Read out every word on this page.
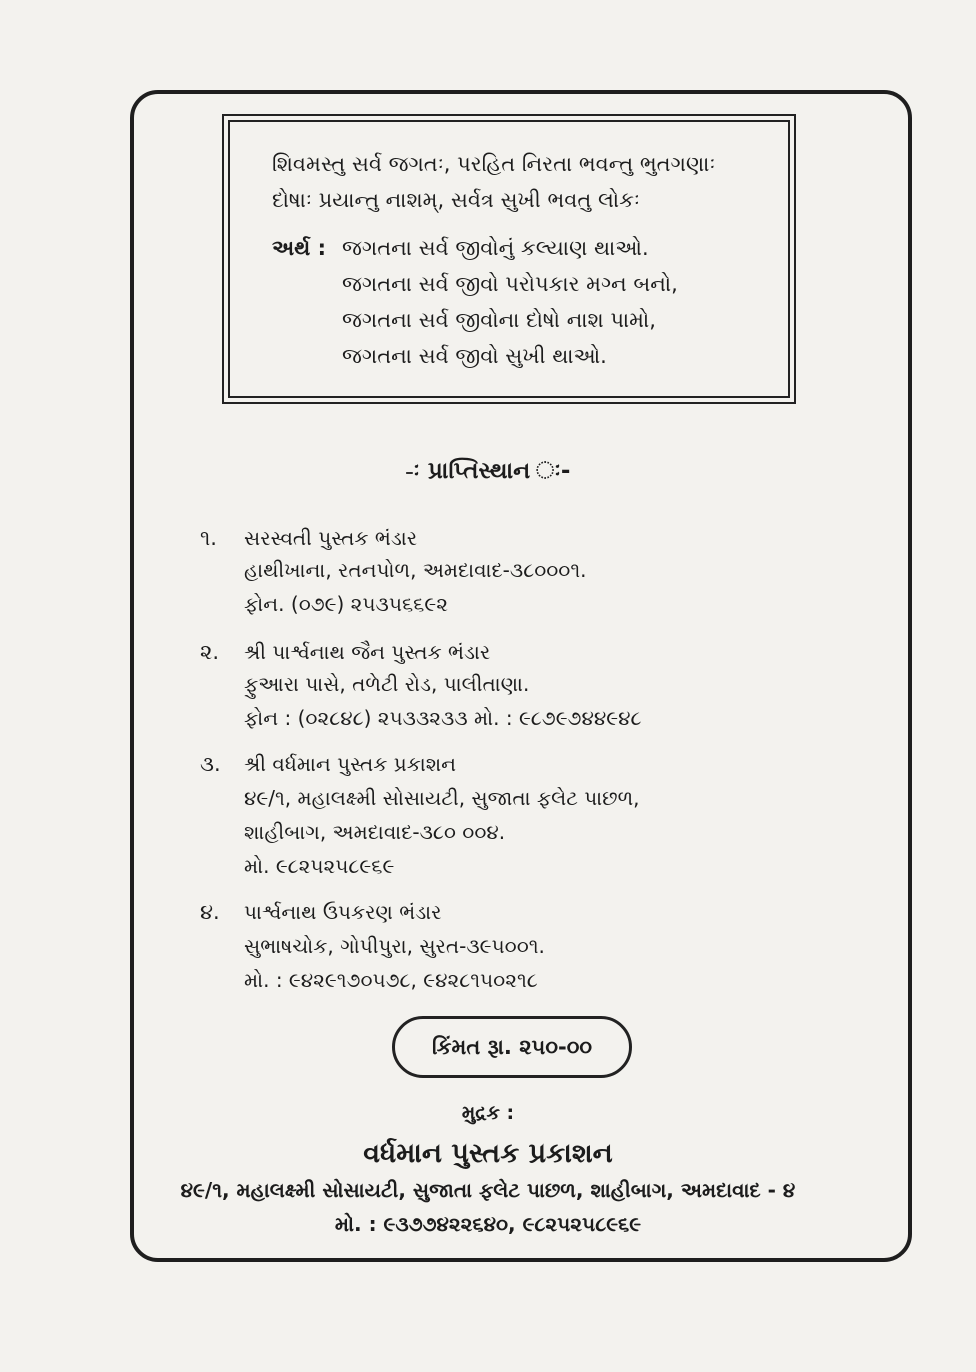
શિવમસ્તુ સર્વ જગતઃ, પરહિત નિરતા ભવન્તુ ભુતગણાઃ
દોષાઃ પ્રયાન્તુ નાશમ્, સર્વત્ર સુખી ભવતુ લોકઃ
અર્થ : જગતના સર્વ જીવોનું કલ્યાણ થાઓ.
જગતના સર્વ જીવો પરોપકાર મગ્ન બનો,
જગતના સર્વ જીવોના દોષો નાશ પામો,
જગતના સર્વ જીવો સુખી થાઓ.
-ઃ પ્રાપ્તિસ્થાન ઃ-
૧. સરસ્વતી પુસ્તક ભંડાર
હાથીખાના, રતનપોળ, અમદાવાદ-૩૮૦૦૦૧.
ફોન. (૦૭૯) ૨૫૩૫૬૬૯૨
૨. શ્રી પાર્શ્વનાથ જૈન પુસ્તક ભંડાર
ફુઆરા પાસે, તળેટી રોડ, પાલીતાણા.
ફોન : (૦૨૮૪૮) ૨૫૩૩૨૩૩ મો. : ૯૮૭૯૭૪૪૯૪૮
૩. શ્રી વર્ધમાન પુસ્તક પ્રકાશન
૪૯/૧, મહાલક્ષ્મી સોસાયટી, સુજાતા ફલેટ પાછળ,
શાહીબાગ, અમદાવાદ-૩૮૦ ૦૦૪.
મો. ૯૮૨૫૨૫૮૯૬૯
૪. પાર્શ્વનાથ ઉપકરણ ભંડાર
સુભાષચોક, ગોપીપુરા, સુરત-૩૯૫૦૦૧.
મો. : ૯૪૨૯૧૭૦૫૭૮, ૯૪૨૮૧૫૦૨૧૮
કિંમત રૂા. ૨૫૦-૦૦
મુદ્રક :
વર્ધમાન પુસ્તક પ્રકાશન
૪૯/૧, મહાલક્ષ્મી સોસાયટી, સુજાતા ફલેટ પાછળ, શાહીબાગ, અમદાવાદ - ૪
મો. : ૯૩૭૭૪૨૨૬૪૦, ૯૮૨૫૨૫૮૯૬૯
